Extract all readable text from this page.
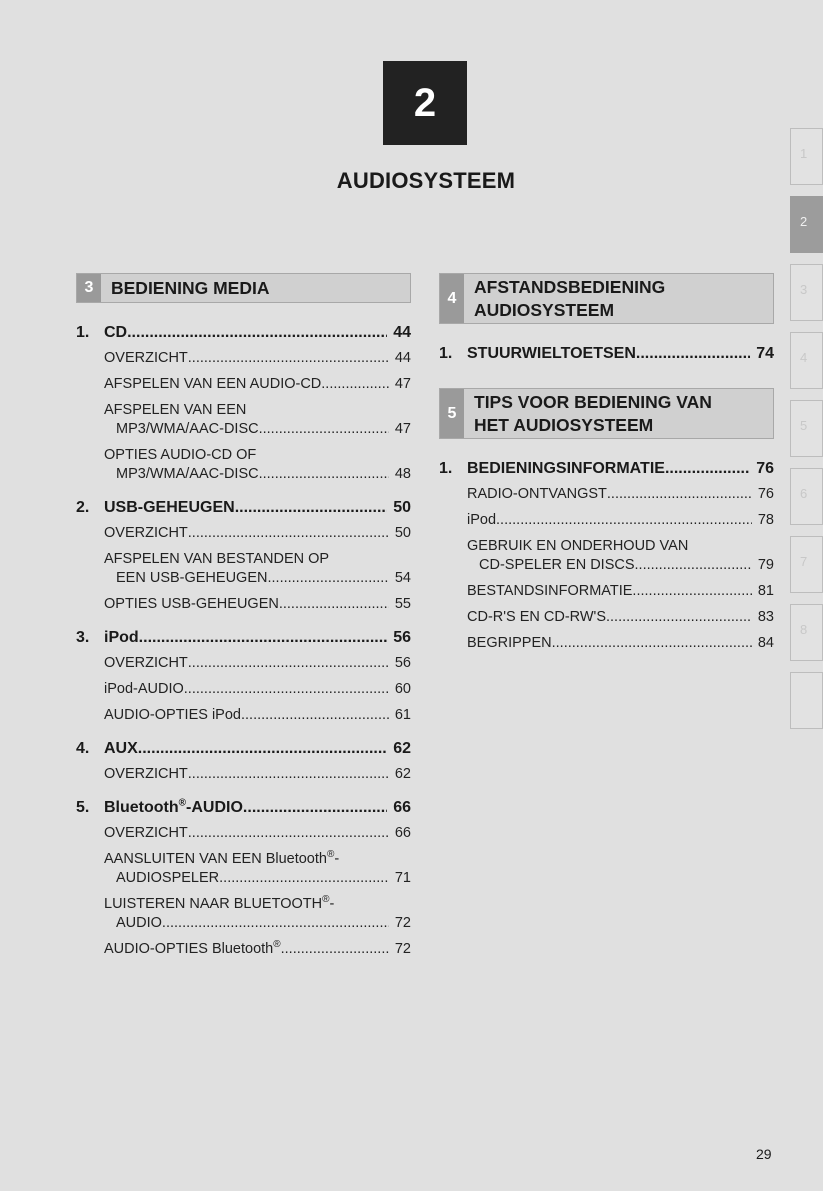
2
AUDIOSYSTEEM
1
2
3
4
5
6
7
8
3	BEDIENING MEDIA
1. CD .....	44
OVERZICHT .....	44
AFSPELEN VAN EEN AUDIO-CD .....	47
AFSPELEN VAN EEN
MP3/WMA/AAC-DISC .....	47
OPTIES AUDIO-CD OF
MP3/WMA/AAC-DISC .....	48
2. USB-GEHEUGEN .....	50
OVERZICHT .....	50
AFSPELEN VAN BESTANDEN OP
EEN USB-GEHEUGEN .....	54
OPTIES USB-GEHEUGEN .....	55
3. iPod .....	56
OVERZICHT .....	56
iPod-AUDIO .....	60
AUDIO-OPTIES iPod .....	61
4. AUX .....	62
OVERZICHT .....	62
5. Bluetooth®-AUDIO .....	66
OVERZICHT .....	66
AANSLUITEN VAN EEN Bluetooth®-
AUDIOSPELER .....	71
LUISTEREN NAAR BLUETOOTH®-
AUDIO .....	72
AUDIO-OPTIES Bluetooth® .....	72
4
AFSTANDSBEDIENING
AUDIOSYSTEEM
1. STUURWIELTOETSEN .....	74
5
TIPS VOOR BEDIENING VAN
HET AUDIOSYSTEEM
1. BEDIENINGSINFORMATIE .....	76
RADIO-ONTVANGST .....	76
iPod .....	78
GEBRUIK EN ONDERHOUD VAN
CD-SPELER EN DISCS .....	79
BESTANDSINFORMATIE .....	81
CD-R'S EN CD-RW'S .....	83
BEGRIPPEN .....	84
29
